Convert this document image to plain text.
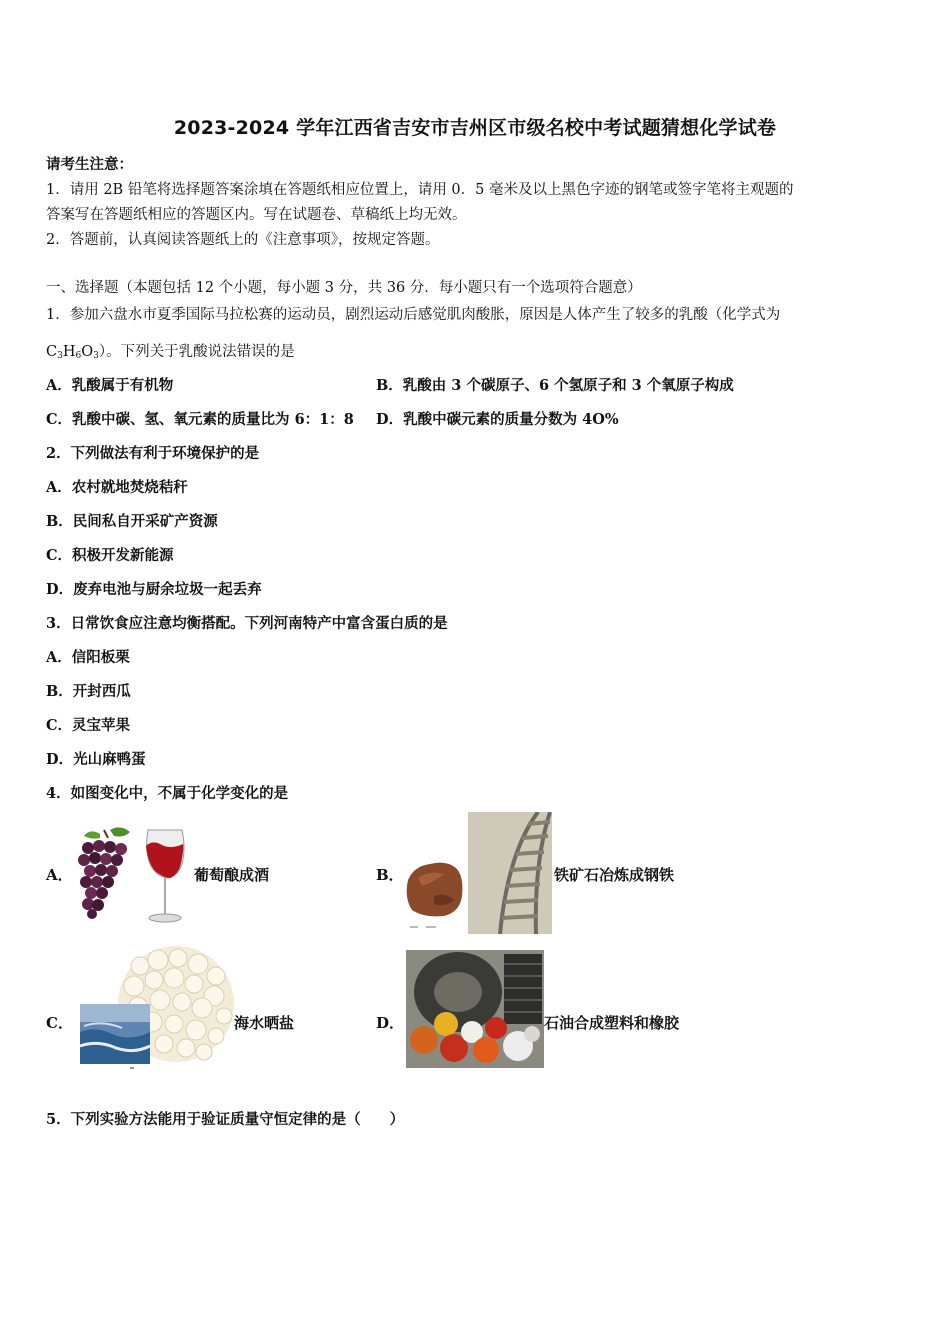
2023-2024 学年江西省吉安市吉州区市级名校中考试题猜想化学试卷
请考生注意：
1．请用 2B 铅笔将选择题答案涂填在答题纸相应位置上，请用 0．5 毫米及以上黑色字迹的钢笔或签字笔将主观题的
答案写在答题纸相应的答题区内。写在试题卷、草稿纸上均无效。
2．答题前，认真阅读答题纸上的《注意事项》，按规定答题。
一、选择题（本题包括 12 个小题，每小题 3 分，共 36 分．每小题只有一个选项符合题意）
1．参加六盘水市夏季国际马拉松赛的运动员，剧烈运动后感觉肌肉酸胀，原因是人体产生了较多的乳酸（化学式为
$C_3H_6O_3$）。下列关于乳酸说法错误的是
A．乳酸属于有机物	B．乳酸由 3 个碳原子、6 个氢原子和 3 个氧原子构成
C．乳酸中碳、氢、氧元素的质量比为 6：1：8 D．乳酸中碳元素的质量分数为 4O%
2．下列做法有利于环境保护的是
A．农村就地焚烧秸秆
B．民间私自开采矿产资源
C．积极开发新能源
D．废弃电池与厨余垃圾一起丢弃
3．日常饮食应注意均衡搭配。下列河南特产中富含蛋白质的是
A．信阳板栗
B．开封西瓜
C．灵宝苹果
D．光山麻鸭蛋
4．如图变化中，不属于化学变化的是
A．	葡萄酿成酒	B．	铁矿石冶炼成钢铁
C．	海水晒盐	D．	石油合成塑料和橡胶
5．下列实验方法能用于验证质量守恒定律的是（　　）
